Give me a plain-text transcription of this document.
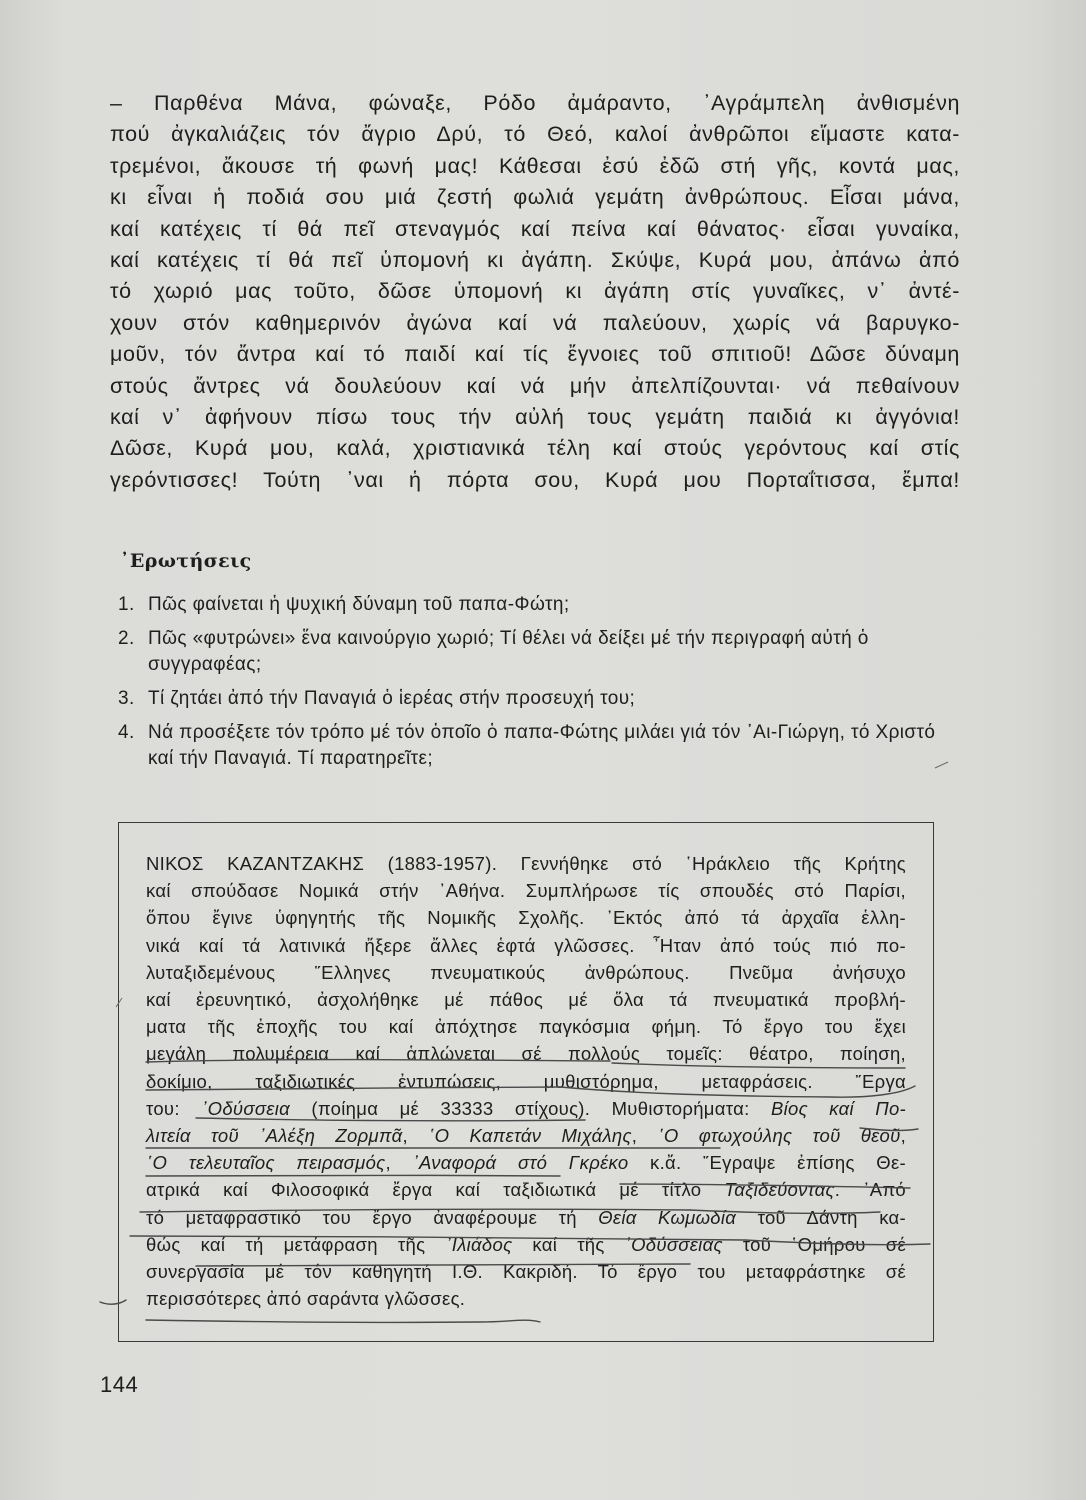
– Παρθένα Μάνα, φώναξε, Ρόδο ἀμάραντο, ᾿Αγράμπελη ἀνθισμένη
πού ἀγκαλιάζεις τόν ἄγριο Δρύ, τό Θεό, καλοί ἀνθρῶποι εἴμαστε κατα-
τρεμένοι, ἄκουσε τή φωνή μας! Κάθεσαι ἐσύ ἐδῶ στή γῆς, κοντά μας,
κι εἶναι ἡ ποδιά σου μιά ζεστή φωλιά γεμάτη ἀνθρώπους. Εἶσαι μάνα,
καί κατέχεις τί θά πεῖ στεναγμός καί πείνα καί θάνατος· εἶσαι γυναίκα,
καί κατέχεις τί θά πεῖ ὑπομονή κι ἀγάπη. Σκύψε, Κυρά μου, ἀπάνω ἀπό
τό χωριό μας τοῦτο, δῶσε ὑπομονή κι ἀγάπη στίς γυναῖκες, ν᾿ ἀντέ-
χουν στόν καθημερινόν ἀγώνα καί νά παλεύουν, χωρίς νά βαρυγκο-
μοῦν, τόν ἄντρα καί τό παιδί καί τίς ἔγνοιες τοῦ σπιτιοῦ! Δῶσε δύναμη
στούς ἄντρες νά δουλεύουν καί νά μήν ἀπελπίζουνται· νά πεθαίνουν
καί ν᾿ ἀφήνουν πίσω τους τήν αὐλή τους γεμάτη παιδιά κι ἀγγόνια!
Δῶσε, Κυρά μου, καλά, χριστιανικά τέλη καί στούς γερόντους καί στίς
γερόντισσες! Τούτη ᾿ναι ἡ πόρτα σου, Κυρά μου Πορταΐτισσα, ἔμπα!
᾿Ερωτήσεις
1. Πῶς φαίνεται ἡ ψυχική δύναμη τοῦ παπα-Φώτη;
2. Πῶς «φυτρώνει» ἕνα καινούργιο χωριό; Τί θέλει νά δείξει μέ τήν περιγραφή αὐτή ὁ συγγραφέας;
3. Τί ζητάει ἀπό τήν Παναγιά ὁ ἱερέας στήν προσευχή του;
4. Νά προσέξετε τόν τρόπο μέ τόν ὁποῖο ὁ παπα-Φώτης μιλάει γιά τόν ᾿Αι-Γιώργη, τό Χριστό καί τήν Παναγιά. Τί παρατηρεῖτε;
ΝΙΚΟΣ ΚΑΖΑΝΤΖΑΚΗΣ (1883-1957). Γεννήθηκε στό ῾Ηράκλειο τῆς Κρήτης
καί σπούδασε Νομικά στήν ᾿Αθήνα. Συμπλήρωσε τίς σπουδές στό Παρίσι,
ὅπου ἔγινε ὑφηγητής τῆς Νομικῆς Σχολῆς. ᾿Εκτός ἀπό τά ἀρχαῖα ἑλλη-
νικά καί τά λατινικά ἤξερε ἄλλες ἑφτά γλῶσσες. ῏Ηταν ἀπό τούς πιό πο-
λυταξιδεμένους ῞Ελληνες πνευματικούς ἀνθρώπους. Πνεῦμα ἀνήσυχο
καί ἐρευνητικό, ἀσχολήθηκε μέ πάθος μέ ὅλα τά πνευματικά προβλή-
ματα τῆς ἐποχῆς του καί ἀπόχτησε παγκόσμια φήμη. Τό ἔργο του ἔχει
μεγάλη πολυμέρεια καί ἁπλώνεται σέ πολλούς τομεῖς: θέατρο, ποίηση,
δοκίμιο, ταξιδιωτικές ἐντυπώσεις, μυθιστόρημα, μεταφράσεις. ῎Εργα
του: ᾿Οδύσσεια (ποίημα μέ 33333 στίχους). Μυθιστορήματα: Βίος καί Πο-
λιτεία τοῦ ᾿Αλέξη Ζορμπᾶ, ῾Ο Καπετάν Μιχάλης, ῾Ο φτωχούλης τοῦ θεοῦ,
῾Ο τελευταῖος πειρασμός, ᾿Αναφορά στό Γκρέκο κ.ἄ. ῎Εγραψε ἐπίσης Θε-
ατρικά καί Φιλοσοφικά ἔργα καί ταξιδιωτικά μέ τίτλο Ταξιδεύοντας. ᾿Από
τό μεταφραστικό του ἔργο ἀναφέρουμε τή Θεία Κωμωδία τοῦ Δάντη κα-
θώς καί τή μετάφραση τῆς ᾿Ιλιάδος καί τῆς ᾿Οδύσσειας τοῦ ῾Ομήρου σέ
συνεργασία μέ τόν καθηγητή Ι.Θ. Κακριδή. Τό ἔργο του μεταφράστηκε σέ
περισσότερες ἀπό σαράντα γλῶσσες.
144
